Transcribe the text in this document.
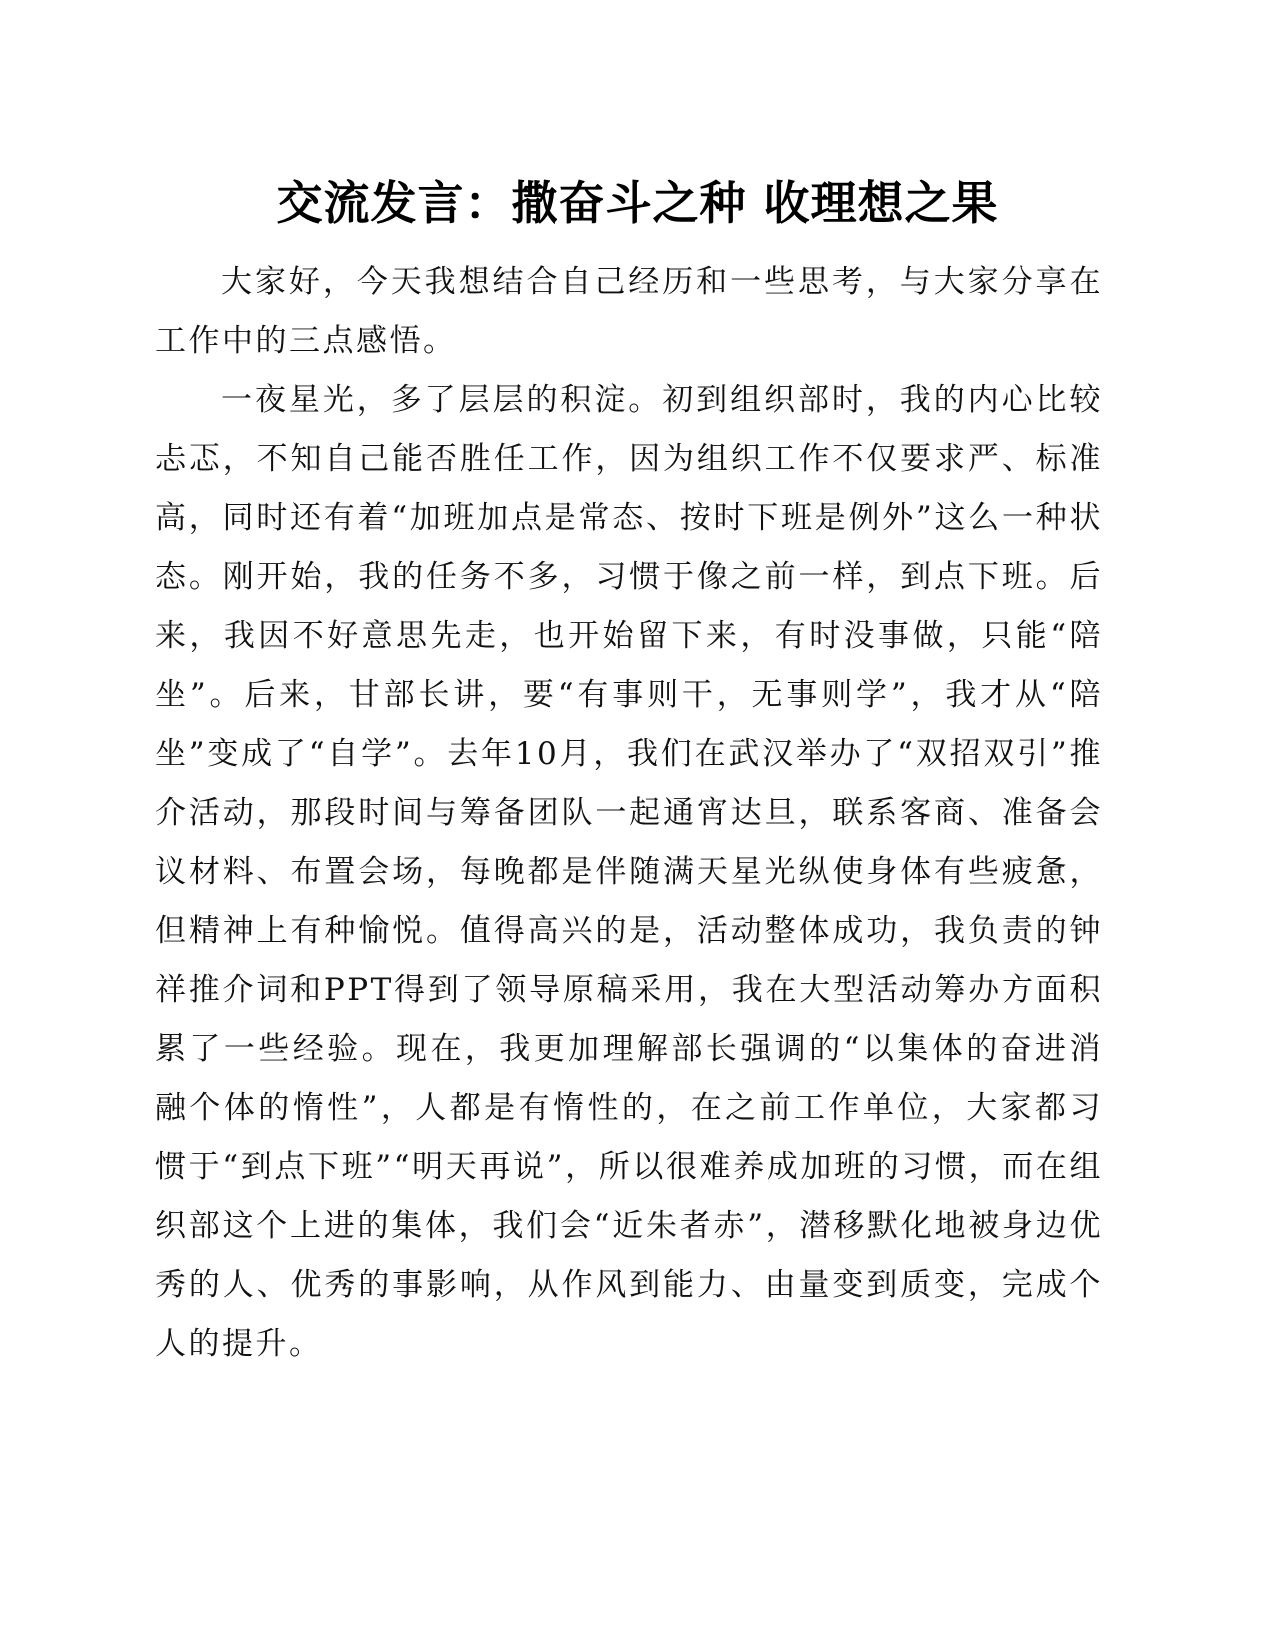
交流发言：撒奋斗之种 收理想之果

大家好，今天我想结合自己经历和一些思考，与大家分享在工作中的三点感悟。

一夜星光，多了层层的积淀。初到组织部时，我的内心比较忐忑，不知自己能否胜任工作，因为组织工作不仅要求严、标准高，同时还有着“加班加点是常态、按时下班是例外”这么一种状态。刚开始，我的任务不多，习惯于像之前一样，到点下班。后来，我因不好意思先走，也开始留下来，有时没事做，只能“陪坐”。后来，甘部长讲，要“有事则干，无事则学”，我才从“陪坐”变成了“自学”。去年10月，我们在武汉举办了“双招双引”推介活动，那段时间与筹备团队一起通宵达旦，联系客商、准备会议材料、布置会场，每晚都是伴随满天星光纵使身体有些疲惫，但精神上有种愉悦。值得高兴的是，活动整体成功，我负责的钟祥推介词和PPT得到了领导原稿采用，我在大型活动筹办方面积累了一些经验。现在，我更加理解部长强调的“以集体的奋进消融个体的惰性”，人都是有惰性的，在之前工作单位，大家都习惯于“到点下班”“明天再说”，所以很难养成加班的习惯，而在组织部这个上进的集体，我们会“近朱者赤”，潜移默化地被身边优秀的人、优秀的事影响，从作风到能力、由量变到质变，完成个人的提升。
